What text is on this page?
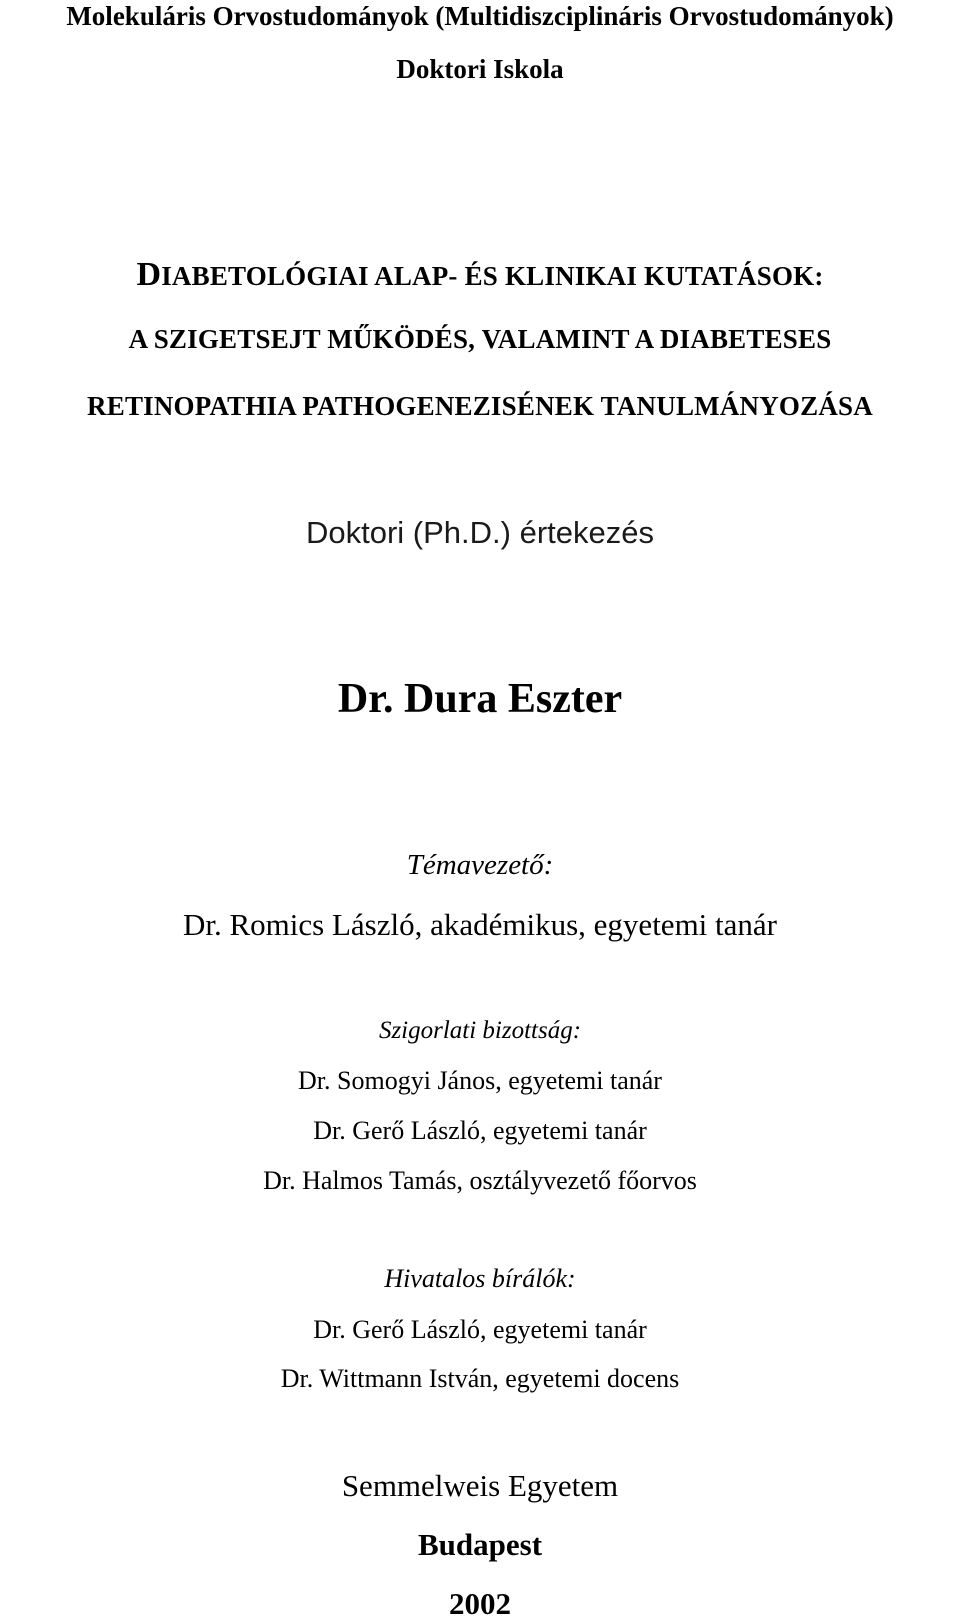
Molekuláris Orvostudományok (Multidiszciplináris Orvostudományok)
Doktori Iskola
DIABETOLÓGIAI ALAP- ÉS KLINIKAI KUTATÁSOK:
A SZIGETSEJT MŰKÖDÉS, VALAMINT A DIABETESES
RETINOPATHIA PATHOGENEZISÉNEK TANULMÁNYOZÁSA
Doktori (Ph.D.) értekezés
Dr. Dura Eszter
Témavezető:
Dr. Romics László, akadémikus, egyetemi tanár
Szigorlati bizottság:
Dr. Somogyi János, egyetemi tanár
Dr. Gerő László, egyetemi tanár
Dr. Halmos Tamás, osztályvezető főorvos
Hivatalos bírálók:
Dr. Gerő László, egyetemi tanár
Dr. Wittmann István, egyetemi docens
Semmelweis Egyetem
Budapest
2002
